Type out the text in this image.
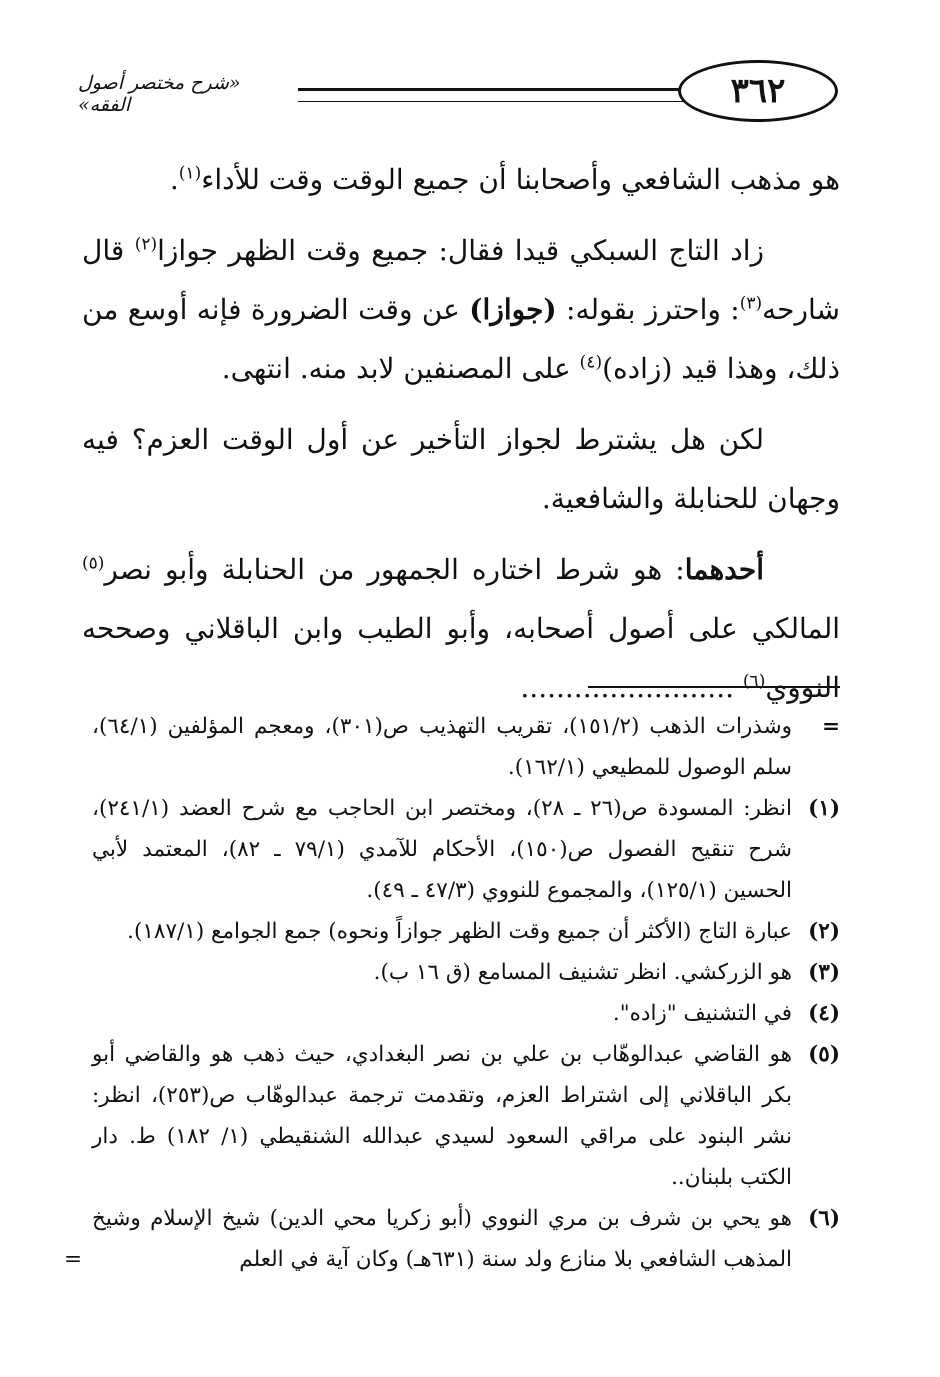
٣٦٢
«شرح مختصر أصول الفقه»

هو مذهب الشافعي وأصحابنا أن جميع الوقت وقت للأداء$^{(١)}$.

زاد التاج السبكي قيدا فقال: جميع وقت الظهر جوازا$^{(٢)}$ قال شارحه$^{(٣)}$: واحترز بقوله: (جوازا) عن وقت الضرورة فإنه أوسع من ذلك، وهذا قيد (زاده)$^{(٤)}$ على المصنفين لابد منه. انتهى.

لكن هل يشترط لجواز التأخير عن أول الوقت العزم؟ فيه وجهان للحنابلة والشافعية.

أحدهما: هو شرط اختاره الجمهور من الحنابلة وأبو نصر$^{(٥)}$ المالكي على أصول أصحابه، وأبو الطيب وابن الباقلاني وصححه النووي$^{(٦)}$ ........................

=
وشذرات الذهب (١٥١/٢)، تقريب التهذيب ص(٣٠١)، ومعجم المؤلفين (٦٤/١)، سلم الوصول للمطيعي (١٦٢/١).

(١)
انظر: المسودة ص(٢٦ ـ ٢٨)، ومختصر ابن الحاجب مع شرح العضد (٢٤١/١)، شرح تنقيح الفصول ص(١٥٠)، الأحكام للآمدي (٧٩/١ ـ ٨٢)، المعتمد لأبي الحسين (١٢٥/١)، والمجموع للنووي (٤٧/٣ ـ ٤٩).

(٢)
عبارة التاج (الأكثر أن جميع وقت الظهر جوازاً ونحوه) جمع الجوامع (١٨٧/١).

(٣)
هو الزركشي. انظر تشنيف المسامع (ق ١٦ ب).

(٤)
في التشنيف "زاده".

(٥)
هو القاضي عبدالوهّاب بن علي بن نصر البغدادي، حيث ذهب هو والقاضي أبو بكر الباقلاني إلى اشتراط العزم، وتقدمت ترجمة عبدالوهّاب ص(٢٥٣)، انظر: نشر البنود على مراقي السعود لسيدي عبدالله الشنقيطي (١/ ١٨٢) ط. دار الكتب بلبنان..

(٦)
هو يحي بن شرف بن مري النووي (أبو زكريا محي الدين) شيخ الإسلام وشيخ المذهب الشافعي بلا منازع ولد سنة (٦٣١هـ) وكان آية في العلم
=
